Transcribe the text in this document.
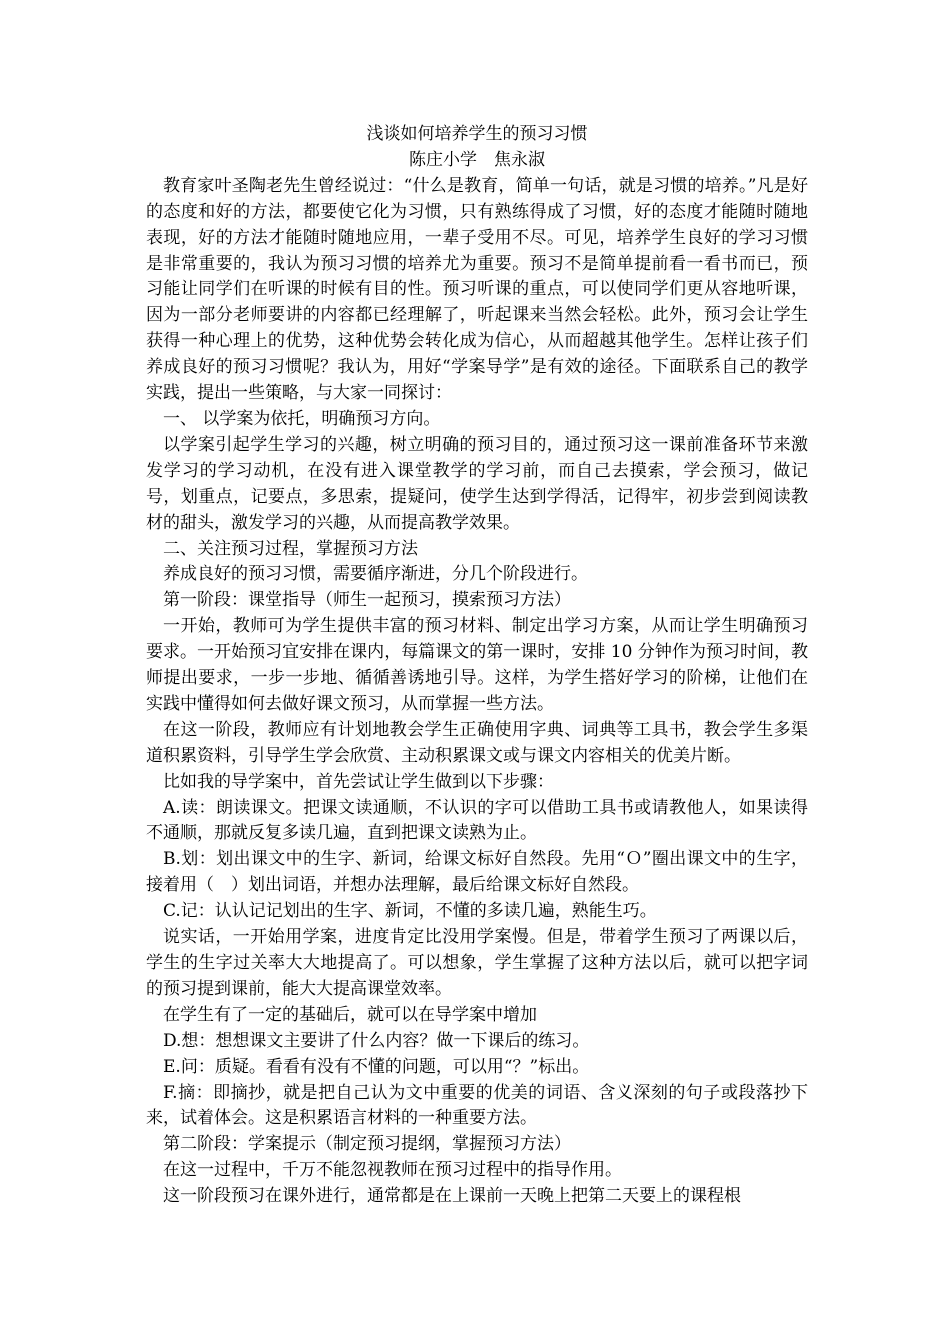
浅谈如何培养学生的预习习惯

陈庄小学　焦永淑

教育家叶圣陶老先生曾经说过：“什么是教育，简单一句话，就是习惯的培养。”凡是好的态度和好的方法，都要使它化为习惯，只有熟练得成了习惯，好的态度才能随时随地表现，好的方法才能随时随地应用，一辈子受用不尽。可见，培养学生良好的学习习惯是非常重要的，我认为预习习惯的培养尤为重要。预习不是简单提前看一看书而已，预习能让同学们在听课的时候有目的性。预习听课的重点，可以使同学们更从容地听课，因为一部分老师要讲的内容都已经理解了，听起课来当然会轻松。此外，预习会让学生获得一种心理上的优势，这种优势会转化成为信心，从而超越其他学生。怎样让孩子们养成良好的预习习惯呢？我认为，用好“学案导学”是有效的途径。下面联系自己的教学实践，提出一些策略，与大家一同探讨：

一、 以学案为依托，明确预习方向。

以学案引起学生学习的兴趣，树立明确的预习目的，通过预习这一课前准备环节来激发学习的学习动机，在没有进入课堂教学的学习前，而自己去摸索，学会预习，做记号，划重点，记要点，多思索，提疑问，使学生达到学得活，记得牢，初步尝到阅读教材的甜头，激发学习的兴趣，从而提高教学效果。

二、关注预习过程，掌握预习方法

养成良好的预习习惯，需要循序渐进，分几个阶段进行。

第一阶段：课堂指导（师生一起预习，摸索预习方法）

一开始，教师可为学生提供丰富的预习材料、制定出学习方案，从而让学生明确预习要求。一开始预习宜安排在课内，每篇课文的第一课时，安排 10 分钟作为预习时间，教师提出要求，一步一步地、循循善诱地引导。这样，为学生搭好学习的阶梯，让他们在实践中懂得如何去做好课文预习，从而掌握一些方法。

在这一阶段，教师应有计划地教会学生正确使用字典、词典等工具书，教会学生多渠道积累资料，引导学生学会欣赏、主动积累课文或与课文内容相关的优美片断。

比如我的导学案中，首先尝试让学生做到以下步骤：

A.读：朗读课文。把课文读通顺，不认识的字可以借助工具书或请教他人，如果读得不通顺，那就反复多读几遍，直到把课文读熟为止。

B.划：划出课文中的生字、新词，给课文标好自然段。先用“Ｏ”圈出课文中的生字，接着用（　）划出词语，并想办法理解，最后给课文标好自然段。

C.记：认认记记划出的生字、新词，不懂的多读几遍，熟能生巧。

说实话，一开始用学案，进度肯定比没用学案慢。但是，带着学生预习了两课以后，学生的生字过关率大大地提高了。可以想象，学生掌握了这种方法以后，就可以把字词的预习提到课前，能大大提高课堂效率。

在学生有了一定的基础后，就可以在导学案中增加

D.想：想想课文主要讲了什么内容？做一下课后的练习。

E.问：质疑。看看有没有不懂的问题，可以用“？”标出。

F.摘：即摘抄，就是把自己认为文中重要的优美的词语、含义深刻的句子或段落抄下来，试着体会。这是积累语言材料的一种重要方法。

第二阶段：学案提示（制定预习提纲，掌握预习方法）

在这一过程中，千万不能忽视教师在预习过程中的指导作用。

这一阶段预习在课外进行，通常都是在上课前一天晚上把第二天要上的课程根
